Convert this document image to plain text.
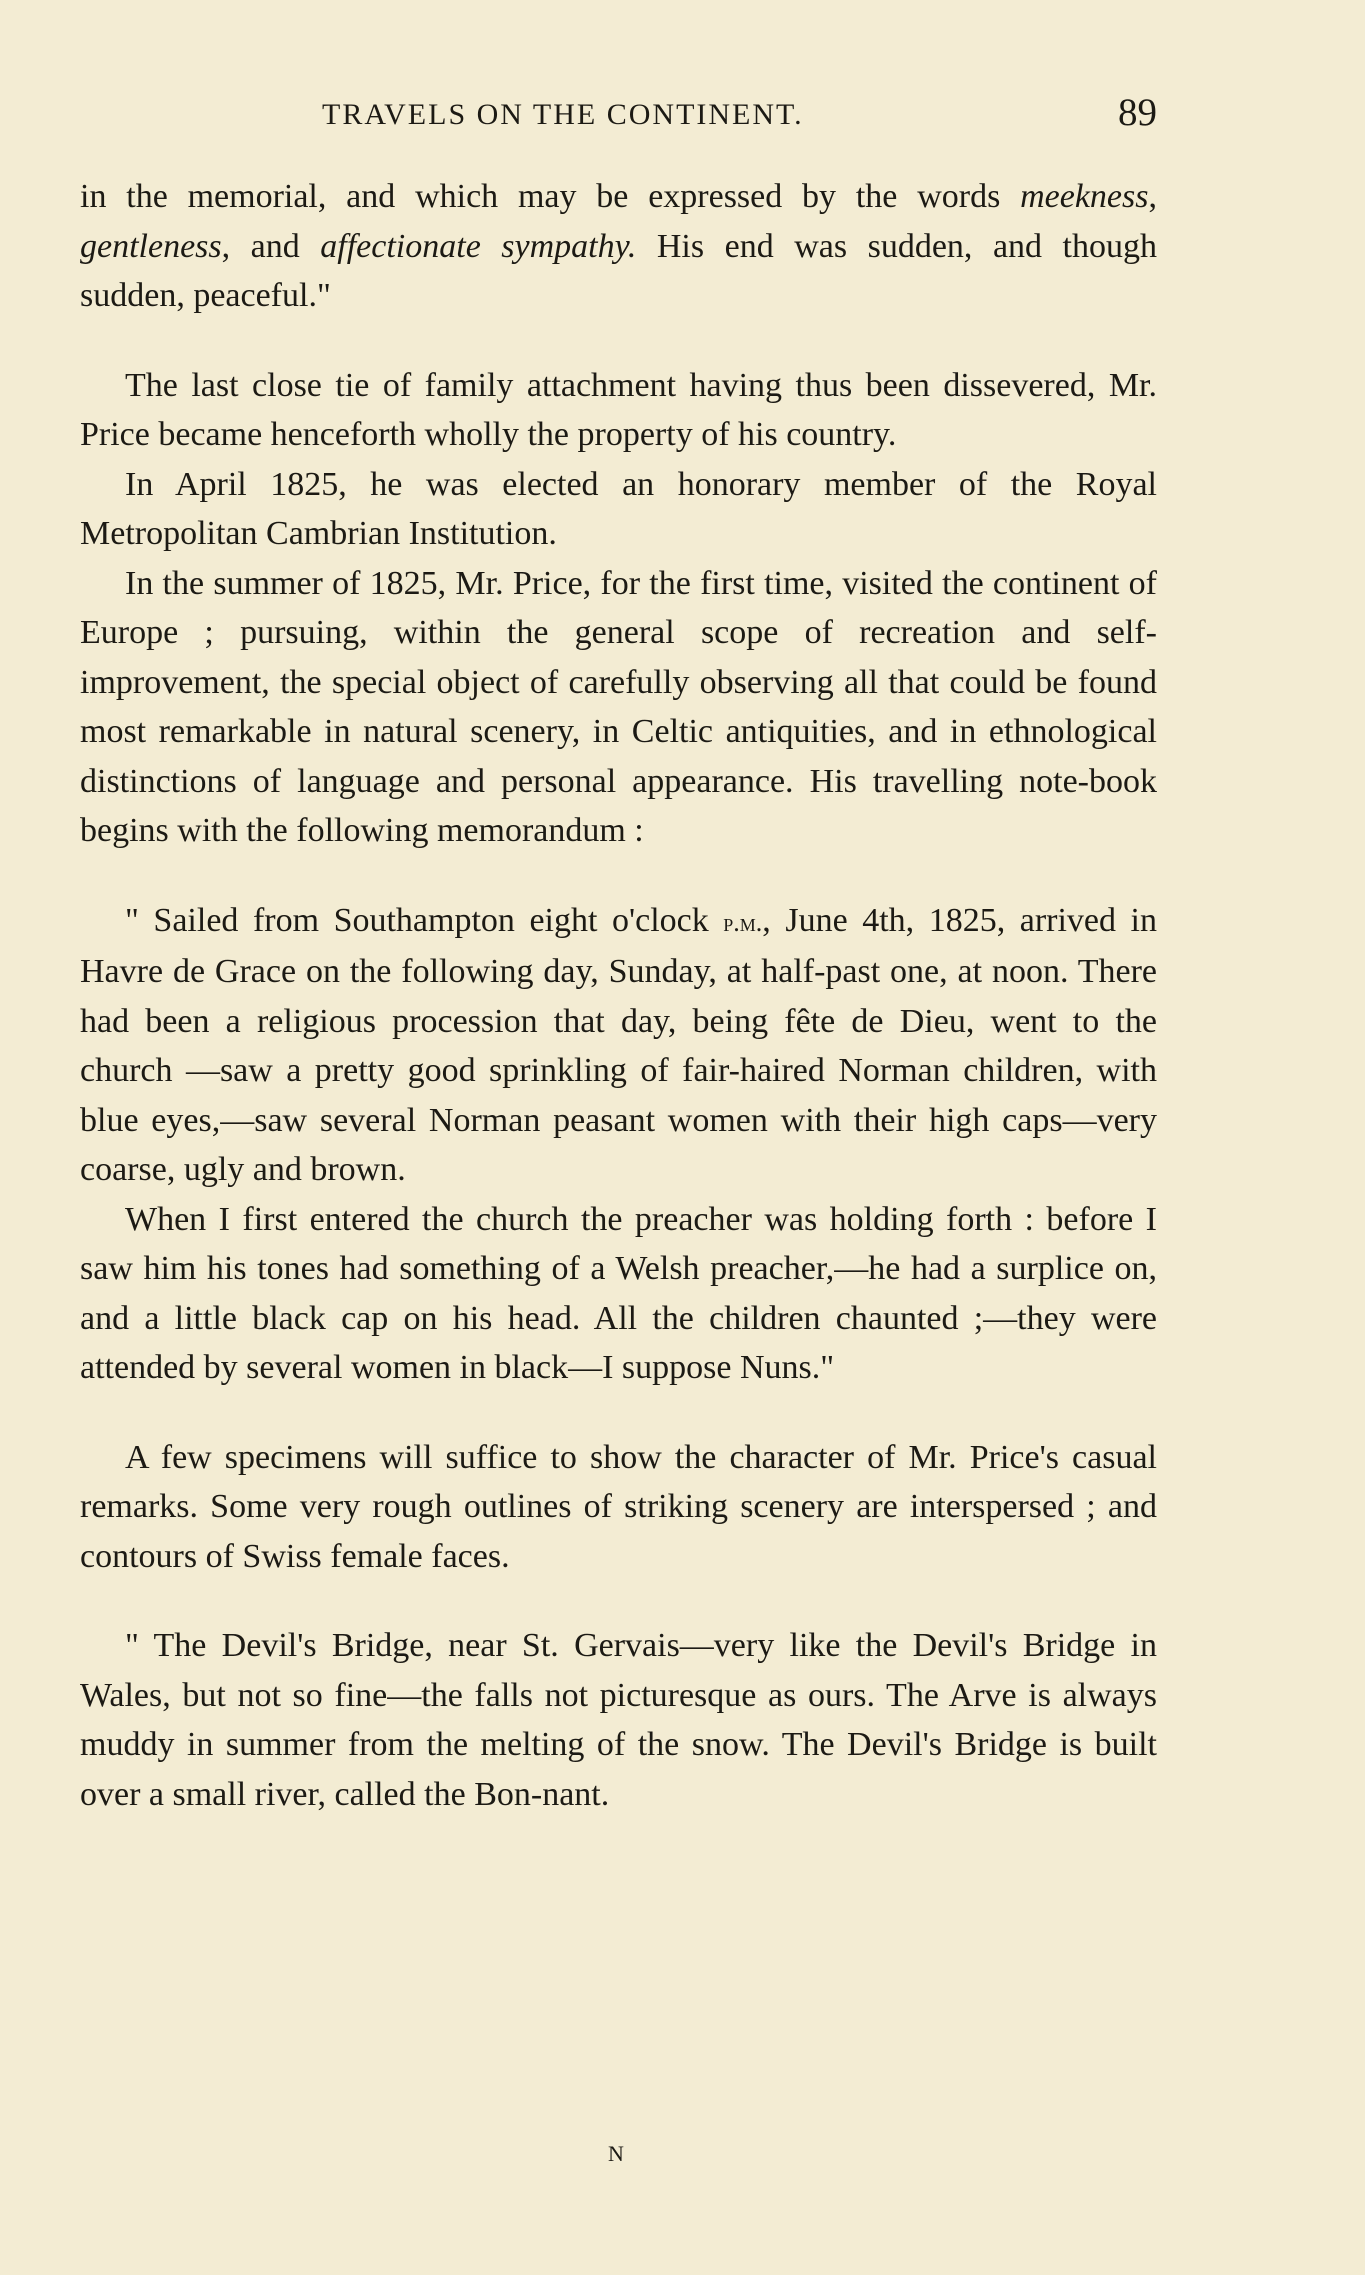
TRAVELS ON THE CONTINENT.	89

in the memorial, and which may be expressed by the words meekness, gentleness, and affectionate sympathy. His end was sudden, and though sudden, peaceful."

The last close tie of family attachment having thus been dissevered, Mr. Price became henceforth wholly the property of his country.

In April 1825, he was elected an honorary member of the Royal Metropolitan Cambrian Institution.

In the summer of 1825, Mr. Price, for the first time, visited the continent of Europe ; pursuing, within the general scope of recreation and self-improvement, the special object of carefully observing all that could be found most remarkable in natural scenery, in Celtic antiquities, and in ethnological distinctions of language and personal appearance. His travelling note-book begins with the following memorandum :

" Sailed from Southampton eight o'clock p.m., June 4th, 1825, arrived in Havre de Grace on the following day, Sunday, at half-past one, at noon. There had been a religious procession that day, being fête de Dieu, went to the church —saw a pretty good sprinkling of fair-haired Norman children, with blue eyes,—saw several Norman peasant women with their high caps—very coarse, ugly and brown.

When I first entered the church the preacher was holding forth : before I saw him his tones had something of a Welsh preacher,—he had a surplice on, and a little black cap on his head. All the children chaunted ;—they were attended by several women in black—I suppose Nuns."

A few specimens will suffice to show the character of Mr. Price's casual remarks. Some very rough outlines of striking scenery are interspersed ; and contours of Swiss female faces.

" The Devil's Bridge, near St. Gervais—very like the Devil's Bridge in Wales, but not so fine—the falls not picturesque as ours. The Arve is always muddy in summer from the melting of the snow. The Devil's Bridge is built over a small river, called the Bon-nant.

N
